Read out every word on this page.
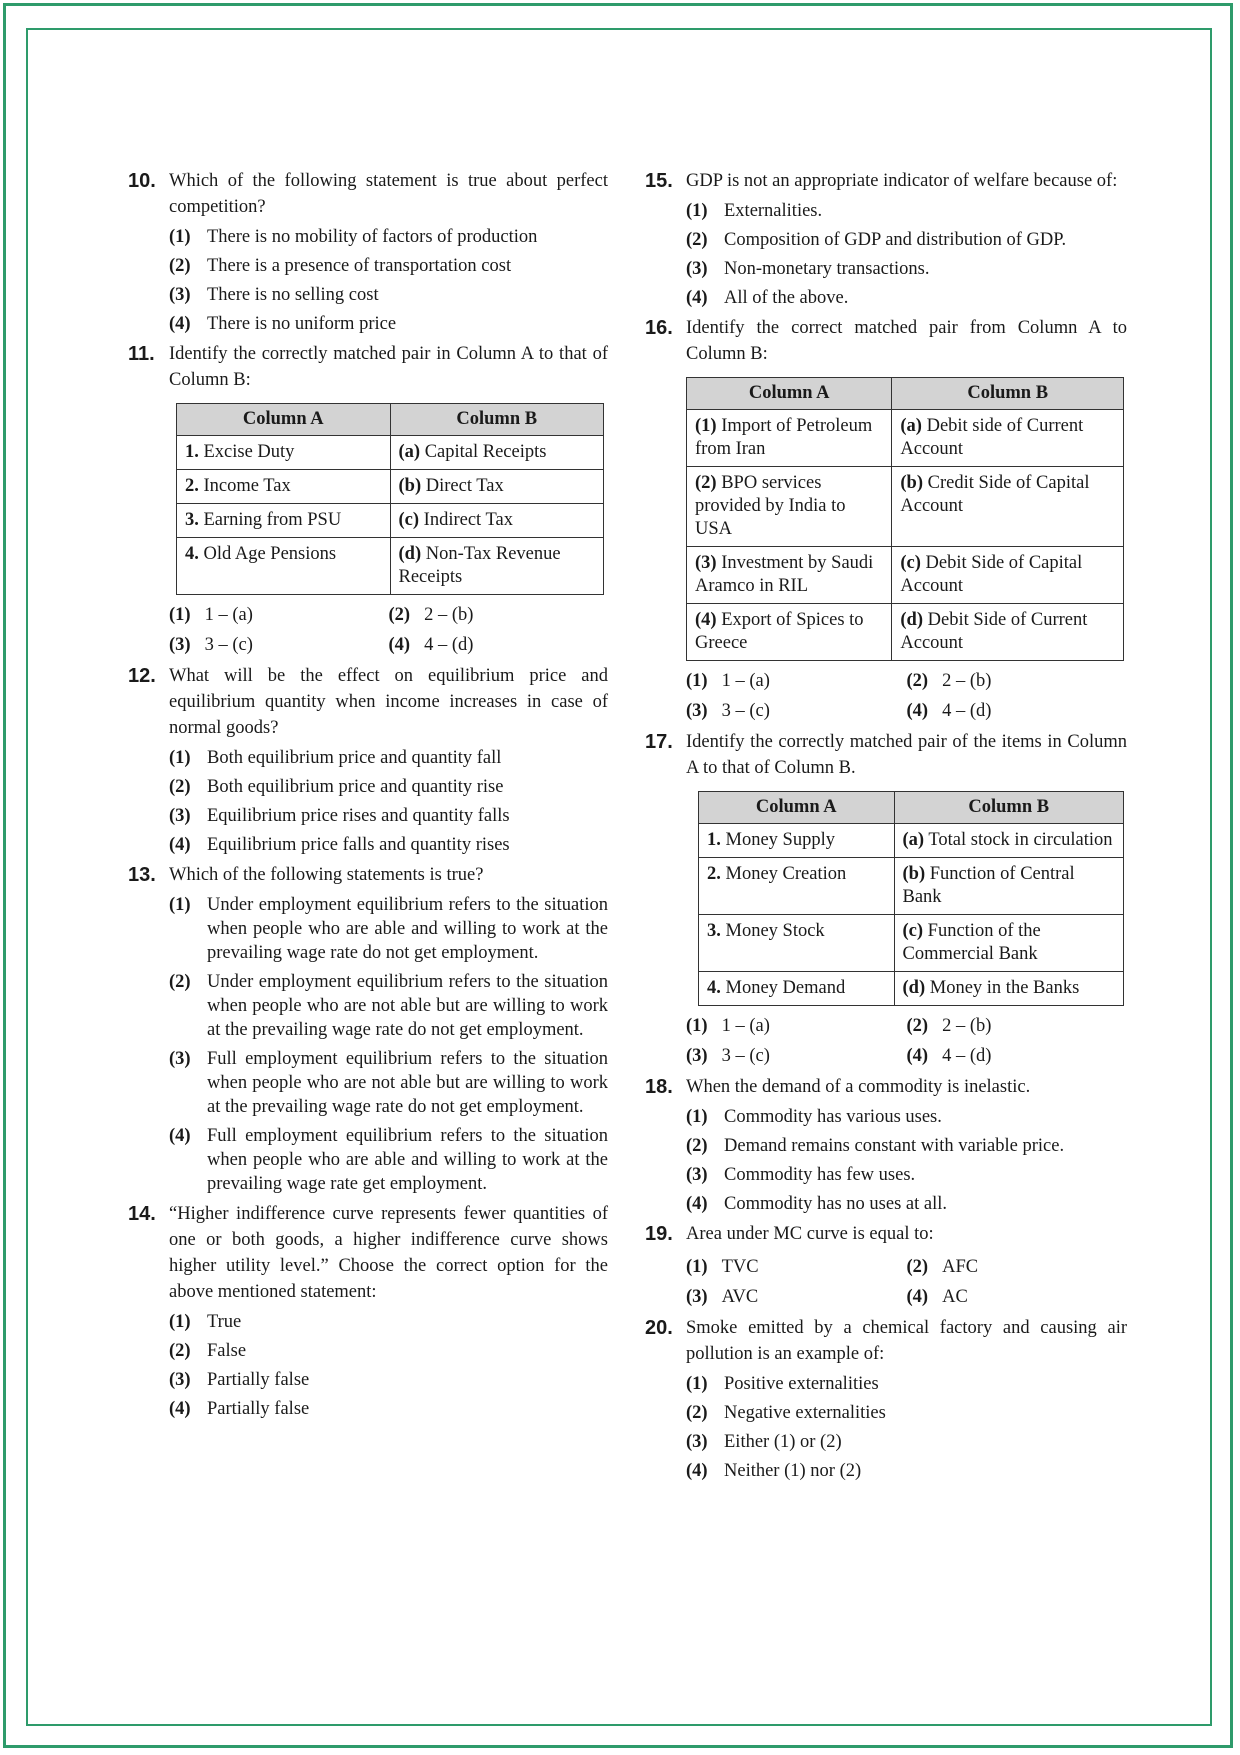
10. Which of the following statement is true about perfect competition?
(1) There is no mobility of factors of production
(2) There is a presence of transportation cost
(3) There is no selling cost
(4) There is no uniform price
11. Identify the correctly matched pair in Column A to that of Column B:
Column A	Column B
1. Excise Duty	(a) Capital Receipts
2. Income Tax	(b) Direct Tax
3. Earning from PSU	(c) Indirect Tax
4. Old Age Pensions	(d) Non-Tax Revenue Receipts
(1) 1 – (a)	(2) 2 – (b)
(3) 3 – (c)	(4) 4 – (d)
12. What will be the effect on equilibrium price and equilibrium quantity when income increases in case of normal goods?
(1) Both equilibrium price and quantity fall
(2) Both equilibrium price and quantity rise
(3) Equilibrium price rises and quantity falls
(4) Equilibrium price falls and quantity rises
13. Which of the following statements is true?
(1) Under employment equilibrium refers to the situation when people who are able and willing to work at the prevailing wage rate do not get employment.
(2) Under employment equilibrium refers to the situation when people who are not able but are willing to work at the prevailing wage rate do not get employment.
(3) Full employment equilibrium refers to the situation when people who are not able but are willing to work at the prevailing wage rate do not get employment.
(4) Full employment equilibrium refers to the situation when people who are able and willing to work at the prevailing wage rate get employment.
14. “Higher indifference curve represents fewer quantities of one or both goods, a higher indifference curve shows higher utility level.” Choose the correct option for the above mentioned statement:
(1) True
(2) False
(3) Partially false
(4) Partially false
15. GDP is not an appropriate indicator of welfare because of:
(1) Externalities.
(2) Composition of GDP and distribution of GDP.
(3) Non-monetary transactions.
(4) All of the above.
16. Identify the correct matched pair from Column A to Column B:
Column A	Column B
(1) Import of Petroleum from Iran	(a) Debit side of Current Account
(2) BPO services provided by India to USA	(b) Credit Side of Capital Account
(3) Investment by Saudi Aramco in RIL	(c) Debit Side of Capital Account
(4) Export of Spices to Greece	(d) Debit Side of Current Account
(1) 1 – (a)	(2) 2 – (b)
(3) 3 – (c)	(4) 4 – (d)
17. Identify the correctly matched pair of the items in Column A to that of Column B.
Column A	Column B
1. Money Supply	(a) Total stock in circulation
2. Money Creation	(b) Function of Central Bank
3. Money Stock	(c) Function of the Commercial Bank
4. Money Demand	(d) Money in the Banks
(1) 1 – (a)	(2) 2 – (b)
(3) 3 – (c)	(4) 4 – (d)
18. When the demand of a commodity is inelastic.
(1) Commodity has various uses.
(2) Demand remains constant with variable price.
(3) Commodity has few uses.
(4) Commodity has no uses at all.
19. Area under MC curve is equal to:
(1) TVC	(2) AFC
(3) AVC	(4) AC
20. Smoke emitted by a chemical factory and causing air pollution is an example of:
(1) Positive externalities
(2) Negative externalities
(3) Either (1) or (2)
(4) Neither (1) nor (2)
